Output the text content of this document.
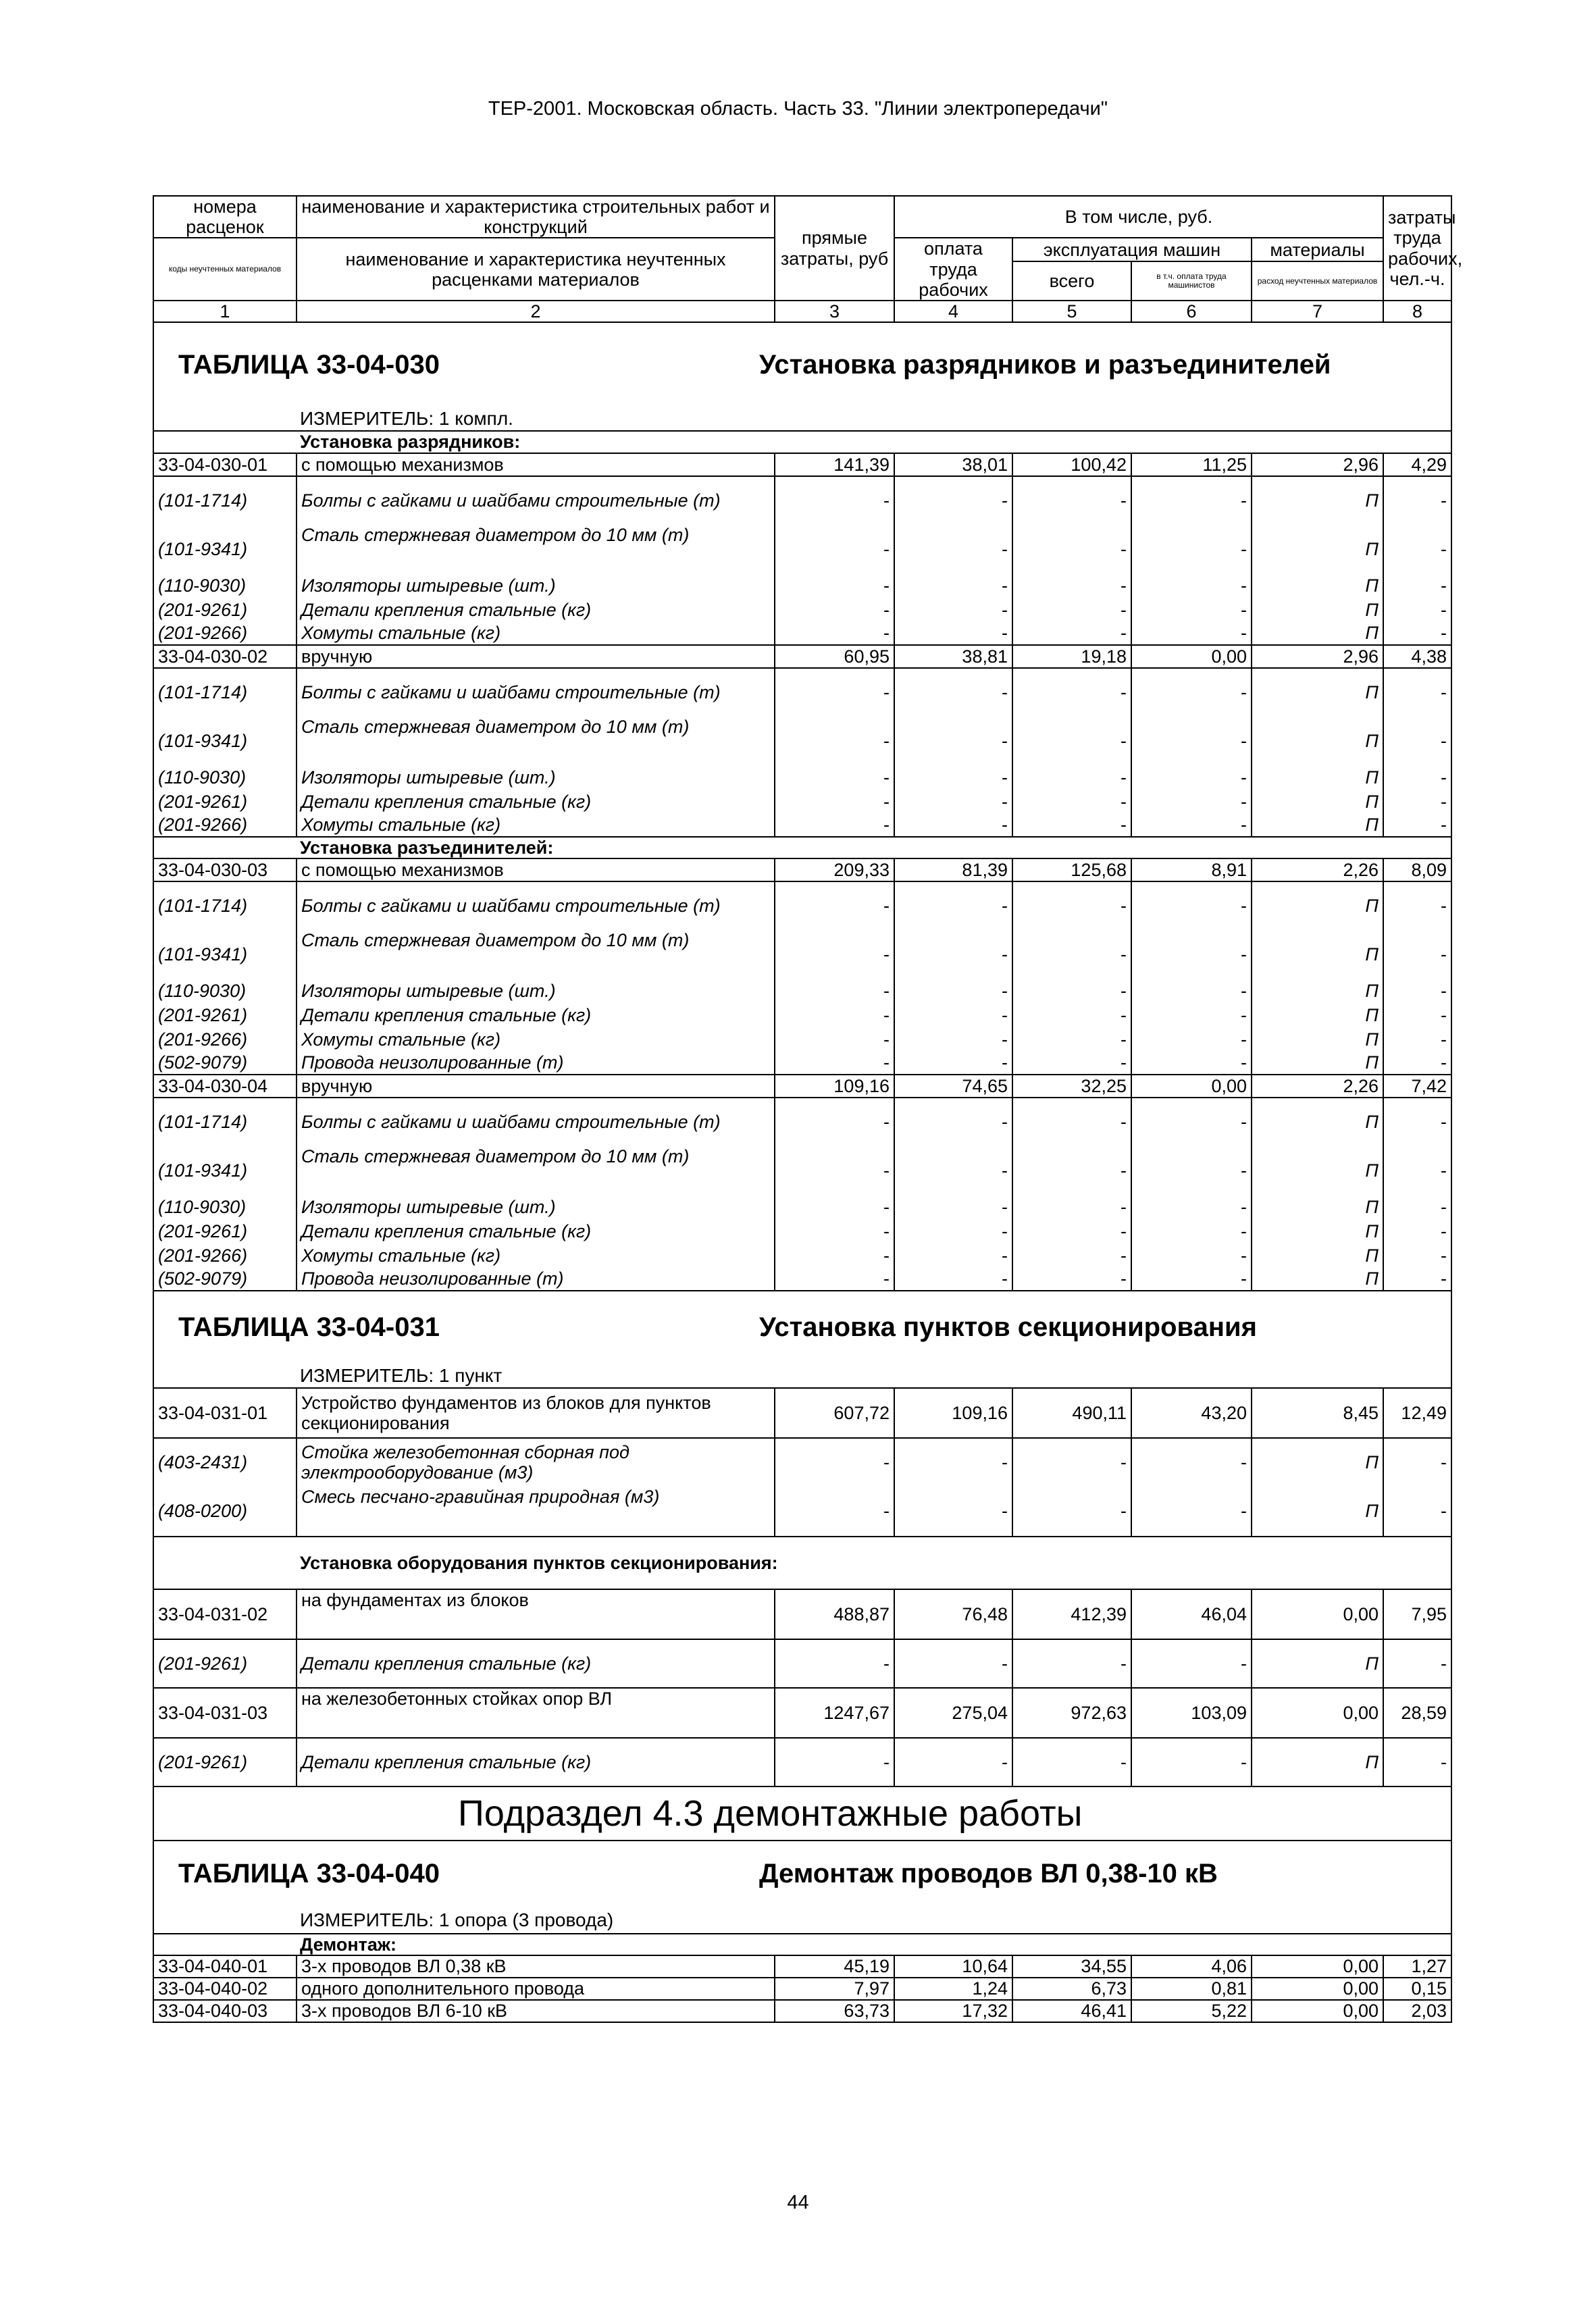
ТЕР-2001. Московская область. Часть 33. "Линии электропередачи"
номера расценок	наименование и характеристика строительных работ и конструкций	прямые затраты, руб	В том числе, руб.				затраты труда рабочих, чел.-ч.
коды неучтенных материалов	наименование и характеристика неучтенных расценками материалов		оплата труда рабочих	эксплуатация машин		материалы	
				всего	в т.ч. оплата труда машинистов	расход неучтенных материалов	
1	2	3	4	5	6	7	8

ТАБЛИЦА 33-04-030 Установка разрядников и разъединителей							

ИЗМЕРИТЕЛЬ: 1 компл.							
Установка разрядников:							
33-04-030-01	с помощью механизмов	141,39	38,01	100,42	11,25	2,96	4,29
(101-1714)	Болты с гайками и шайбами строительные (т)	-	-	-	-	П	-
(101-9341)	Сталь стержневая диаметром до 10 мм (т)	-	-	-	-	П	-
(110-9030)	Изоляторы штыревые (шт.)	-	-	-	-	П	-
(201-9261)	Детали крепления стальные (кг)	-	-	-	-	П	-
(201-9266)	Хомуты стальные (кг)	-	-	-	-	П	-
33-04-030-02	вручную	60,95	38,81	19,18	0,00	2,96	4,38
(101-1714)	Болты с гайками и шайбами строительные (т)	-	-	-	-	П	-
(101-9341)	Сталь стержневая диаметром до 10 мм (т)	-	-	-	-	П	-
(110-9030)	Изоляторы штыревые (шт.)	-	-	-	-	П	-
(201-9261)	Детали крепления стальные (кг)	-	-	-	-	П	-
(201-9266)	Хомуты стальные (кг)	-	-	-	-	П	-
Установка разъединителей:							
33-04-030-03	с помощью механизмов	209,33	81,39	125,68	8,91	2,26	8,09
(101-1714)	Болты с гайками и шайбами строительные (т)	-	-	-	-	П	-
(101-9341)	Сталь стержневая диаметром до 10 мм (т)	-	-	-	-	П	-
(110-9030)	Изоляторы штыревые (шт.)	-	-	-	-	П	-
(201-9261)	Детали крепления стальные (кг)	-	-	-	-	П	-
(201-9266)	Хомуты стальные (кг)	-	-	-	-	П	-
(502-9079)	Провода неизолированные (т)	-	-	-	-	П	-
33-04-030-04	вручную	109,16	74,65	32,25	0,00	2,26	7,42
(101-1714)	Болты с гайками и шайбами строительные (т)	-	-	-	-	П	-
(101-9341)	Сталь стержневая диаметром до 10 мм (т)	-	-	-	-	П	-
(110-9030)	Изоляторы штыревые (шт.)	-	-	-	-	П	-
(201-9261)	Детали крепления стальные (кг)	-	-	-	-	П	-
(201-9266)	Хомуты стальные (кг)	-	-	-	-	П	-
(502-9079)	Провода неизолированные (т)	-	-	-	-	П	-

ТАБЛИЦА 33-04-031 Установка пунктов секционирования							

ИЗМЕРИТЕЛЬ: 1 пункт							
33-04-031-01	Устройство фундаментов из блоков для пунктов секционирования	607,72	109,16	490,11	43,20	8,45	12,49
(403-2431)	Стойка железобетонная сборная под электрооборудование (м3)	-	-	-	-	П	-
(408-0200)	Смесь песчано-гравийная природная (м3)	-	-	-	-	П	-
Установка оборудования пунктов секционирования:							
33-04-031-02	на фундаментах из блоков	488,87	76,48	412,39	46,04	0,00	7,95
(201-9261)	Детали крепления стальные (кг)	-	-	-	-	П	-
33-04-031-03	на железобетонных стойках опор ВЛ	1247,67	275,04	972,63	103,09	0,00	28,59
(201-9261)	Детали крепления стальные (кг)	-	-	-	-	П	-
Подраздел 4.3 демонтажные работы							

ТАБЛИЦА 33-04-040 Демонтаж проводов ВЛ 0,38-10 кВ							

ИЗМЕРИТЕЛЬ: 1 опора (3 провода)							
Демонтаж:							
33-04-040-01	3-х проводов ВЛ 0,38 кВ	45,19	10,64	34,55	4,06	0,00	1,27
33-04-040-02	одного дополнительного провода	7,97	1,24	6,73	0,81	0,00	0,15
33-04-040-03	3-х проводов ВЛ 6-10 кВ	63,73	17,32	46,41	5,22	0,00	2,03
44
